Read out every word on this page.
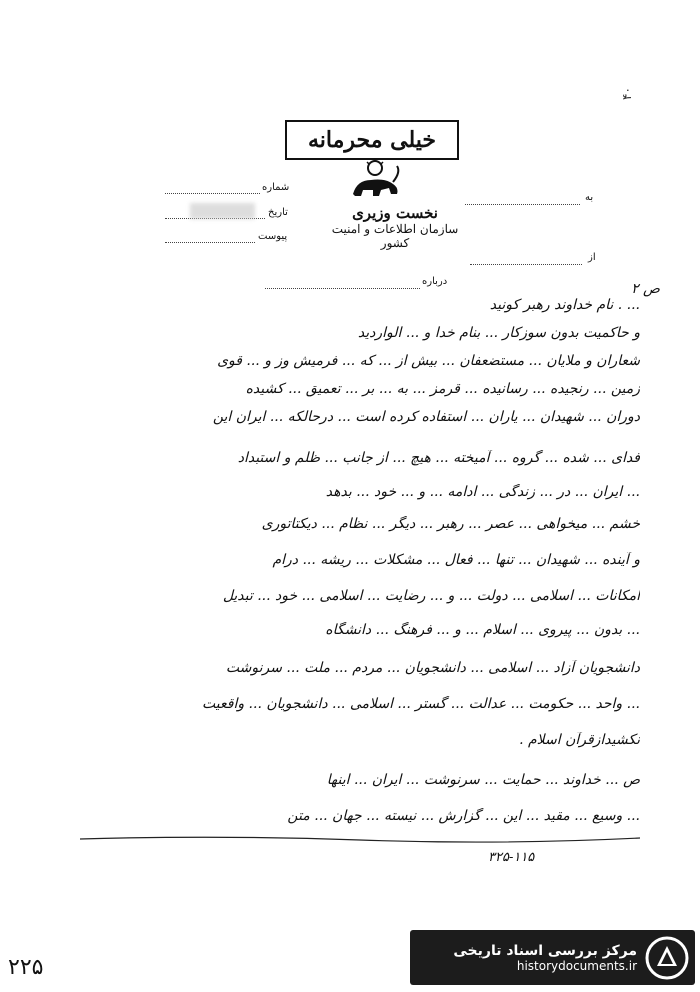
خیلی محرمانه
نخست وزیری
سازمان اطلاعات و امنیت کشور
شماره
تاریخ
پیوست
به
از
درباره	ص ۲
... . نام خداوند رهبر کونید
و حاکمیت بدون سوزکار ... بنام خدا و ... الواردید
شعاران و ملایان ... مستضعفان ... بیش از ... که ... فرمیش وز و ... قوی
زمین ... رنجیده ... رسانیده ... قرمز ... به ... بر ... تعمیق ... کشیده
دوران ... شهیدان ... یاران ... استفاده کرده است ... درحالکه ... ایران این
فدای ... شده ... گروه ... آمیخته ... هیچ ... از جانب ... ظلم و استبداد
... ایران ... در ... زندگی ... ادامه ... و ... خود ... بدهد
خشم ... میخواهی ... عصر ... رهبر ... دیگر ... نظام ... دیکتاتوری
و آینده ... شهیدان ... تنها ... فعال ... مشکلات ... ریشه ... درام
امکانات ... اسلامی ... دولت ... و ... رضایت ... اسلامی ... خود ... تبدیل
... بدون ... پیروی ... اسلام ... و ... فرهنگ ... دانشگاه
دانشجویان آزاد ... اسلامی ... دانشجویان ... مردم ... ملت ... سرنوشت
... واحد ... حکومت ... عدالت ... گستر ... اسلامی ... دانشجویان ... واقعیت
نکشیدازقرآن اسلام .
ص ... خداوند ... حمایت ... سرنوشت ... ایران ... اینها
... وسیع ... مقید ... این ... گزارش ... نیسته ... جهان ... متن
۳۲۵-۱۱۵
۴۰
۲۲۵
مرکز بررسی اسناد تاریخی
historydocuments.ir
